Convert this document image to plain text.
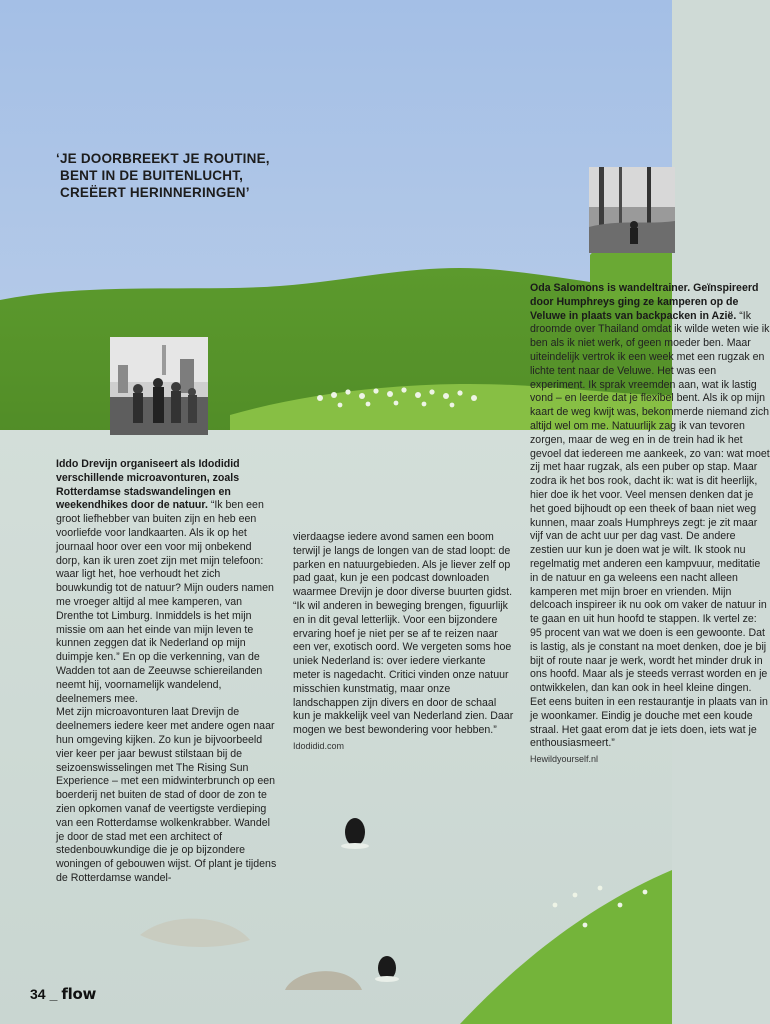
‘JE DOORBREEKT JE ROUTINE,
BENT IN DE BUITENLUCHT,
CREËERT HERINNERINGEN’

Iddo Drevijn organiseert als Idodidid verschillende microavonturen, zoals Rotterdamse stadswandelingen en weekendhikes door de natuur. “Ik ben een groot liefhebber van buiten zijn en heb een voorliefde voor landkaarten. Als ik op het journaal hoor over een voor mij onbekend dorp, kan ik uren zoet zijn met mijn telefoon: waar ligt het, hoe verhoudt het zich bouwkundig tot de natuur? Mijn ouders namen me vroeger altijd al mee kamperen, van Drenthe tot Limburg. Inmiddels is het mijn missie om aan het einde van mijn leven te kunnen zeggen dat ik Nederland op mijn duimpje ken.” En op die verkenning, van de Wadden tot aan de Zeeuwse schiereilanden neemt hij, voornamelijk wandelend, deelnemers mee.

Met zijn microavonturen laat Drevijn de deelnemers iedere keer met andere ogen naar hun omgeving kijken. Zo kun je bijvoorbeeld vier keer per jaar bewust stilstaan bij de seizoenswisselingen met The Rising Sun Experience – met een midwinterbrunch op een boerderij net buiten de stad of door de zon te zien opkomen vanaf de veertigste verdieping van een Rotterdamse wolkenkrabber. Wandel je door de stad met een architect of stedenbouwkundige die je op bijzondere woningen of gebouwen wijst. Of plant je tijdens de Rotterdamse wandel-

vierdaagse iedere avond samen een boom terwijl je langs de longen van de stad loopt: de parken en natuurgebieden. Als je liever zelf op pad gaat, kun je een podcast downloaden waarmee Drevijn je door diverse buurten gidst.

“Ik wil anderen in beweging brengen, figuurlijk en in dit geval letterlijk. Voor een bijzondere ervaring hoef je niet per se af te reizen naar een ver, exotisch oord. We vergeten soms hoe uniek Nederland is: over iedere vierkante meter is nagedacht. Critici vinden onze natuur misschien kunstmatig, maar onze landschappen zijn divers en door de schaal kun je makkelijk veel van Nederland zien. Daar mogen we best bewondering voor hebben.”

Idodidid.com

Oda Salomons is wandeltrainer. Geïnspireerd door Humphreys ging ze kamperen op de Veluwe in plaats van backpacken in Azië. “Ik droomde over Thailand omdat ik wilde weten wie ik ben als ik niet werk, of geen moeder ben. Maar uiteindelijk vertrok ik een week met een rugzak en lichte tent naar de Veluwe. Het was een experiment. Ik sprak vreemden aan, wat ik lastig vond – en leerde dat je flexibel bent. Als ik op mijn kaart de weg kwijt was, bekommerde niemand zich altijd wel om me. Natuurlijk zag ik van tevoren zorgen, maar de weg en in de trein had ik het gevoel dat iedereen me aankeek, zo van: wat moet zij met haar rugzak, als een puber op stap. Maar zodra ik het bos rook, dacht ik: wat is dit heerlijk, hier doe ik het voor. Veel mensen denken dat je het goed bijhoudt op een theek of baan niet weg kunnen, maar zoals Humphreys zegt: je zit maar vijf van de acht uur per dag vast. De andere zestien uur kun je doen wat je wilt. Ik stook nu regelmatig met anderen een kampvuur, meditatie in de natuur en ga weleens een nacht alleen kamperen met mijn broer en vrienden. Mijn delcoach inspireer ik nu ook om vaker de natuur in te gaan en uit hun hoofd te stappen. Ik vertel ze: 95 procent van wat we doen is een gewoonte. Dat is lastig, als je constant na moet denken, doe je bij bijt of route naar je werk, wordt het minder druk in ons hoofd. Maar als je steeds verrast worden en je ontwikkelen, dan kan ook in heel kleine dingen. Eet eens buiten in een restaurantje in plaats van in je woonkamer. Eindig je douche met een koude straal. Het gaat erom dat je iets doen, iets wat je enthousiasmeert.”

Hewildyourself.nl

34 _ flow
